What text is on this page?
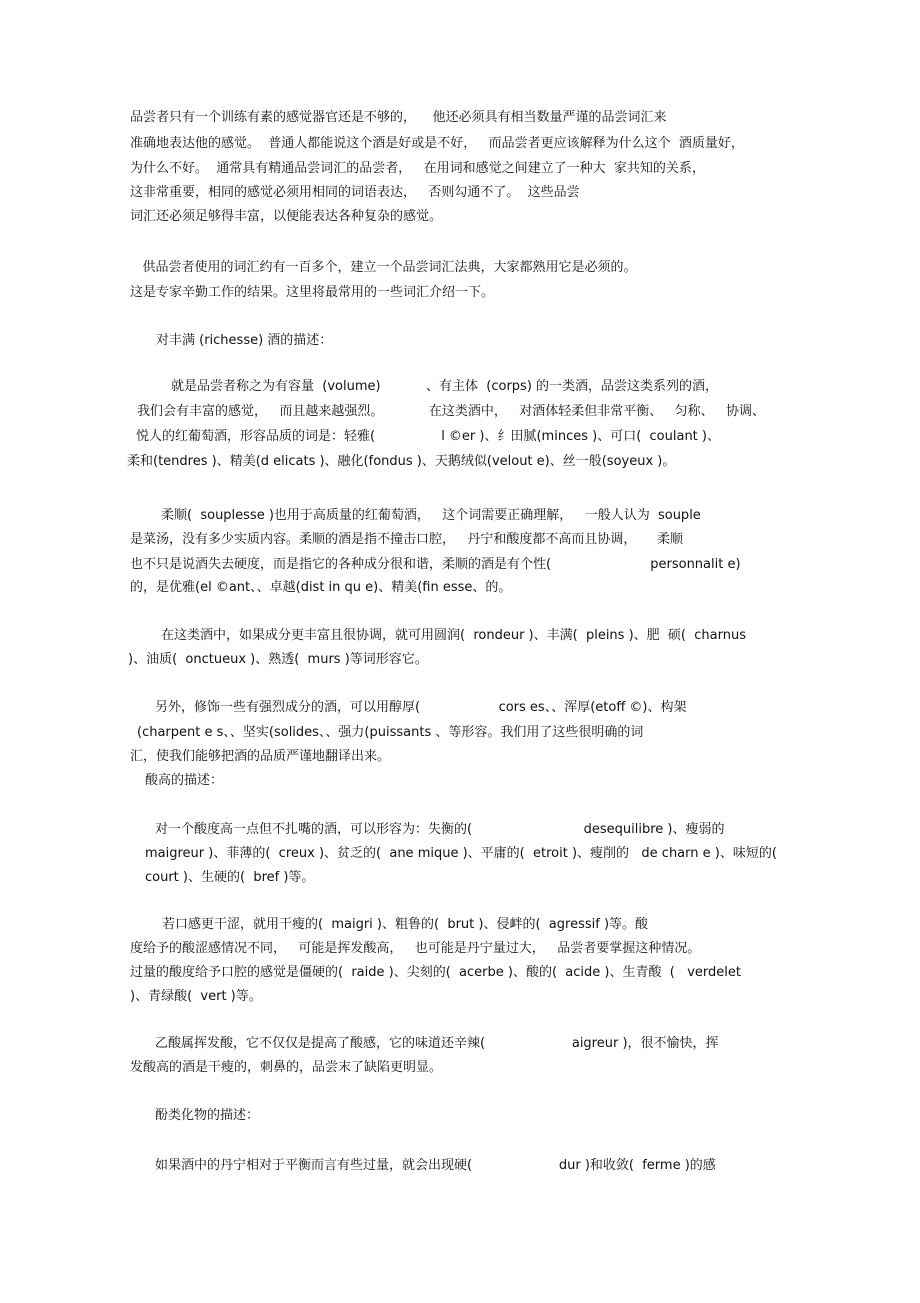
品尝者只有一个训练有素的感觉器官还是不够的，    他还必须具有相当数量严谨的品尝词汇来
准确地表达他的感觉。  普通人都能说这个酒是好或是不好，   而品尝者更应该解释为什么这个  酒质量好，
为什么不好。  通常具有精通品尝词汇的品尝者，   在用词和感觉之间建立了一种大  家共知的关系，
这非常重要，相同的感觉必须用相同的词语表达，   否则勾通不了。  这些品尝
词汇还必须足够得丰富，以便能表达各种复杂的感觉。
供品尝者使用的词汇约有一百多个，建立一个品尝词汇法典，大家都熟用它是必须的。
这是专家辛勤工作的结果。这里将最常用的一些词汇介绍一下。
对丰满 (richesse) 酒的描述：
就是品尝者称之为有容量  (volume)           、有主体  (corps) 的一类酒，品尝这类系列的酒，
我们会有丰富的感觉，   而且越来越强烈。           在这类酒中，   对酒体轻柔但非常平衡、   匀称、   协调、
悦人的红葡萄酒，形容品质的词是：轻雅(                l ©er )、纟田腻(minces )、可口(  coulant )、
柔和(tendres )、精美(d elicats )、融化(fondus )、天鹅绒似(velout e)、丝一般(soyeux )。
柔顺(  souplesse )也用于高质量的红葡萄酒，   这个词需要正确理解，   一般人认为  souple
是菜汤，没有多少实质内容。柔顺的酒是指不撞击口腔，   丹宁和酸度都不高而且协调，     柔顺
也不只是说酒失去硬度，而是指它的各种成分很和谐，柔顺的酒是有个性(                        personnalit e)
的，是优雅(el ©ant、、卓越(dist in qu e)、精美(fin esse、的。
在这类酒中，如果成分更丰富且很协调，就可用圆润(  rondeur )、丰满(  pleins )、肥  硕(  charnus
)、油质(  onctueux )、熟透(  murs )等词形容它。
另外，修饰一些有强烈成分的酒，可以用醇厚(                   cors es、、浑厚(etoff ©)、构架
(charpent e s、、坚实(solides、、强力(puissants 、等形容。我们用了这些很明确的词
汇，使我们能够把酒的品质严谨地翻译出来。
酸高的描述：
对一个酸度高一点但不扎嘴的酒，可以形容为：失衡的(                           desequilibre )、瘦弱的
maigreur )、菲薄的(  creux )、贫乏的(  ane mique )、平庸的(  etroit )、瘦削的   de charn e )、味短的(
court )、生硬的(  bref )等。
若口感更干涩，就用干瘦的(  maigri )、粗鲁的(  brut )、侵衅的(  agressif )等。酸
度给予的酸涩感情况不同，   可能是挥发酸高，   也可能是丹宁量过大，   品尝者要掌握这种情况。
过量的酸度给予口腔的感觉是僵硬的(  raide )、尖刻的(  acerbe )、酸的(  acide )、生青酸  (   verdelet
)、青绿酸(  vert )等。
乙酸属挥发酸，它不仅仅是提高了酸感，它的味道还辛辣(                     aigreur )，很不愉快，挥
发酸高的酒是干瘦的，刺鼻的，品尝末了缺陷更明显。
酚类化物的描述：
如果酒中的丹宁相对于平衡而言有些过量，就会出现硬(                     dur )和收敛(  ferme )的感
